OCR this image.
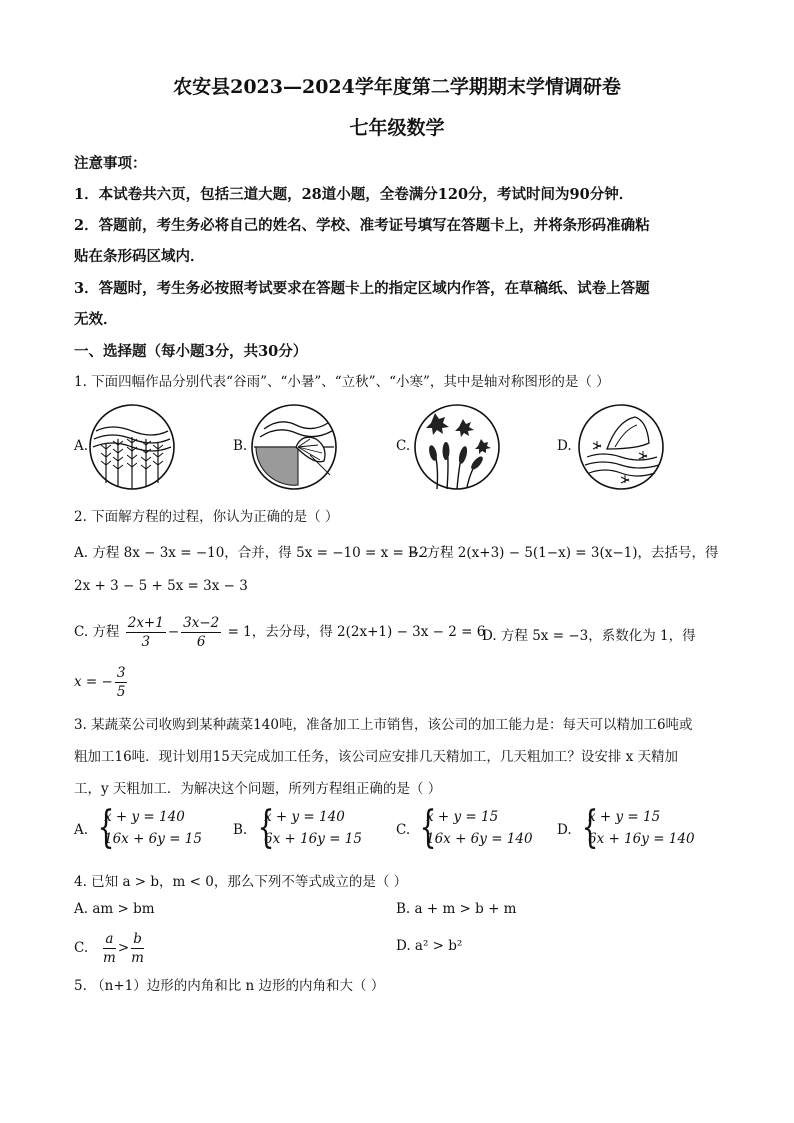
农安县2023—2024学年度第二学期期末学情调研卷
七年级数学
注意事项：
1．本试卷共六页，包括三道大题，28道小题，全卷满分120分，考试时间为90分钟．
2．答题前，考生务必将自己的姓名、学校、准考证号填写在答题卡上，并将条形码准确粘
贴在条形码区域内．
3．答题时，考生务必按照考试要求在答题卡上的指定区域内作答，在草稿纸、试卷上答题
无效．
一、选择题（每小题3分，共30分）
1. 下面四幅作品分别代表“谷雨”、“小暑”、“立秋”、“小寒”，其中是轴对称图形的是（ ）
A.	B.	C.	D.
2. 下面解方程的过程，你认为正确的是（ ）
A. 方程 8x − 3x = −10，合并，得 5x = −10 = x = −2
B. 方程 2(x+3) − 5(1−x) = 3(x−1)，去括号，得
2x + 3 − 5 + 5x = 3x − 3
C. 方程 $\frac{2x+1}{3} - \frac{3x-2}{6} = 1$，去分母，得 2(2x+1) − 3x − 2 = 6
D. 方程 5x = −3，系数化为 1，得
x = − $\frac{3}{5}$
3. 某蔬菜公司收购到某种蔬菜140吨，准备加工上市销售，该公司的加工能力是：每天可以精加工6吨或
粗加工16吨．现计划用15天完成加工任务，该公司应安排几天精加工，几天粗加工？设安排 x 天精加
工，y 天粗加工．为解决这个问题，所列方程组正确的是（ ）
A. {
x + y = 140
16x + 6y = 15
B. {
x + y = 140
6x + 16y = 15
C. {
x + y = 15
16x + 6y = 140
D. {
x + y = 15
6x + 16y = 140
4. 已知 a > b，m < 0，那么下列不等式成立的是（ ）
A. am > bm	B. a + m > b + m
C. $\frac{a}{m} > \frac{b}{m}$	D. a² > b²
5. （n+1）边形的内角和比 n 边形的内角和大（ ）
